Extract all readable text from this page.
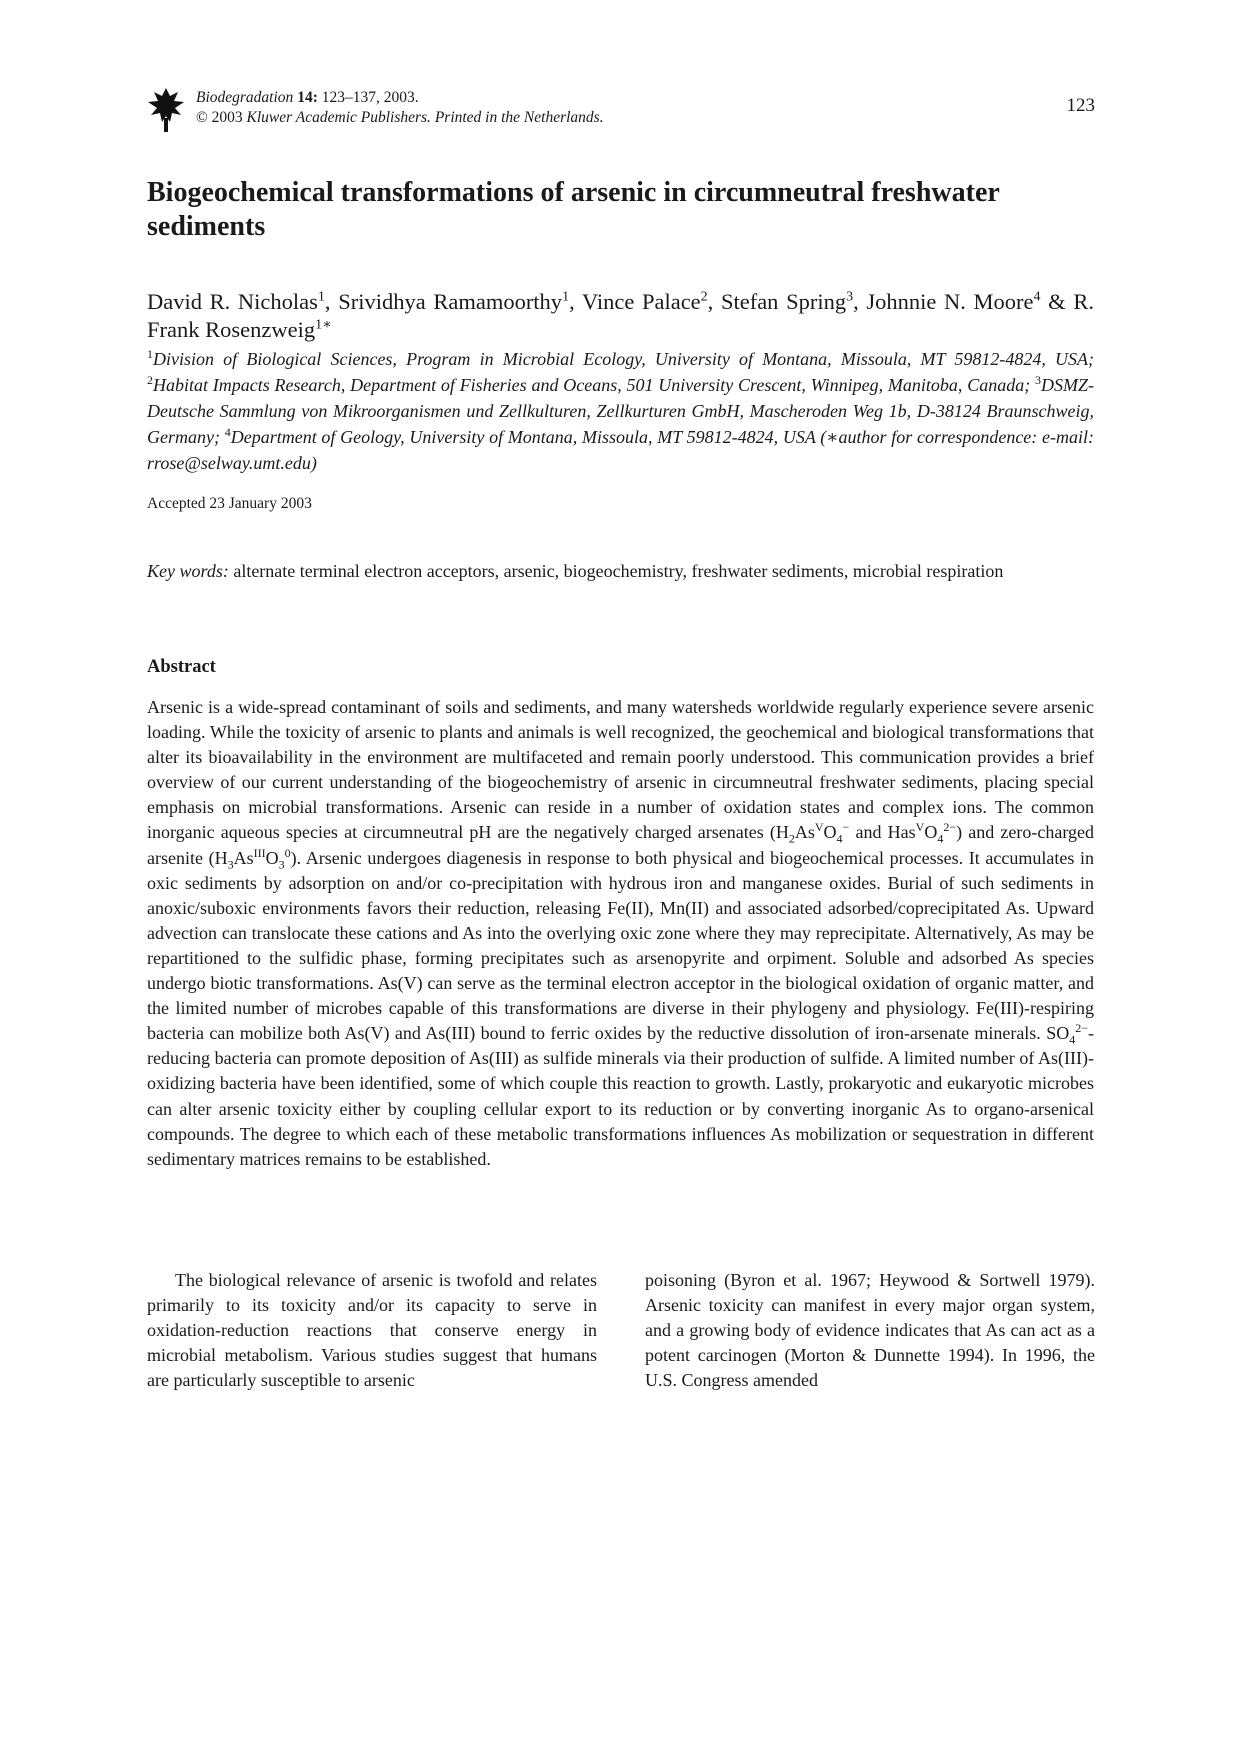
Biodegradation 14: 123–137, 2003.
© 2003 Kluwer Academic Publishers. Printed in the Netherlands.
123
Biogeochemical transformations of arsenic in circumneutral freshwater sediments
David R. Nicholas$^1$, Srividhya Ramamoorthy$^1$, Vince Palace$^2$, Stefan Spring$^3$, Johnnie N. Moore$^4$ & R. Frank Rosenzweig$^{1∗}$
$^1$Division of Biological Sciences, Program in Microbial Ecology, University of Montana, Missoula, MT 59812-4824, USA; $^2$Habitat Impacts Research, Department of Fisheries and Oceans, 501 University Crescent, Winnipeg, Manitoba, Canada; $^3$DSMZ-Deutsche Sammlung von Mikroorganismen und Zellkulturen, Zellkurturen GmbH, Mascheroden Weg 1b, D-38124 Braunschweig, Germany; $^4$Department of Geology, University of Montana, Missoula, MT 59812-4824, USA (∗author for correspondence: e-mail: rrose@selway.umt.edu)
Accepted 23 January 2003
Key words: alternate terminal electron acceptors, arsenic, biogeochemistry, freshwater sediments, microbial respiration
Abstract
Arsenic is a wide-spread contaminant of soils and sediments, and many watersheds worldwide regularly experience severe arsenic loading. While the toxicity of arsenic to plants and animals is well recognized, the geochemical and biological transformations that alter its bioavailability in the environment are multifaceted and remain poorly understood. This communication provides a brief overview of our current understanding of the biogeochemistry of arsenic in circumneutral freshwater sediments, placing special emphasis on microbial transformations. Arsenic can reside in a number of oxidation states and complex ions. The common inorganic aqueous species at circumneutral pH are the negatively charged arsenates ($H_2As^VO_4^-$ and $Has^VO_4^{2-}$) and zero-charged arsenite $(H_3As^{III}O_3^0)$. Arsenic undergoes diagenesis in response to both physical and biogeochemical processes. It accumulates in oxic sediments by adsorption on and/or co-precipitation with hydrous iron and manganese oxides. Burial of such sediments in anoxic/suboxic environments favors their reduction, releasing Fe(II), Mn(II) and associated adsorbed/coprecipitated As. Upward advection can translocate these cations and As into the overlying oxic zone where they may reprecipitate. Alternatively, As may be repartitioned to the sulfidic phase, forming precipitates such as arsenopyrite and orpiment. Soluble and adsorbed As species undergo biotic transformations. As(V) can serve as the terminal electron acceptor in the biological oxidation of organic matter, and the limited number of microbes capable of this transformations are diverse in their phylogeny and physiology. Fe(III)-respiring bacteria can mobilize both As(V) and As(III) bound to ferric oxides by the reductive dissolution of iron-arsenate minerals. $SO_4^{2-}$-reducing bacteria can promote deposition of As(III) as sulfide minerals via their production of sulfide. A limited number of As(III)-oxidizing bacteria have been identified, some of which couple this reaction to growth. Lastly, prokaryotic and eukaryotic microbes can alter arsenic toxicity either by coupling cellular export to its reduction or by converting inorganic As to organo-arsenical compounds. The degree to which each of these metabolic transformations influences As mobilization or sequestration in different sedimentary matrices remains to be established.
The biological relevance of arsenic is twofold and relates primarily to its toxicity and/or its capacity to serve in oxidation-reduction reactions that conserve energy in microbial metabolism. Various studies suggest that humans are particularly susceptible to arsenic
poisoning (Byron et al. 1967; Heywood & Sortwell 1979). Arsenic toxicity can manifest in every major organ system, and a growing body of evidence indicates that As can act as a potent carcinogen (Morton & Dunnette 1994). In 1996, the U.S. Congress amended
